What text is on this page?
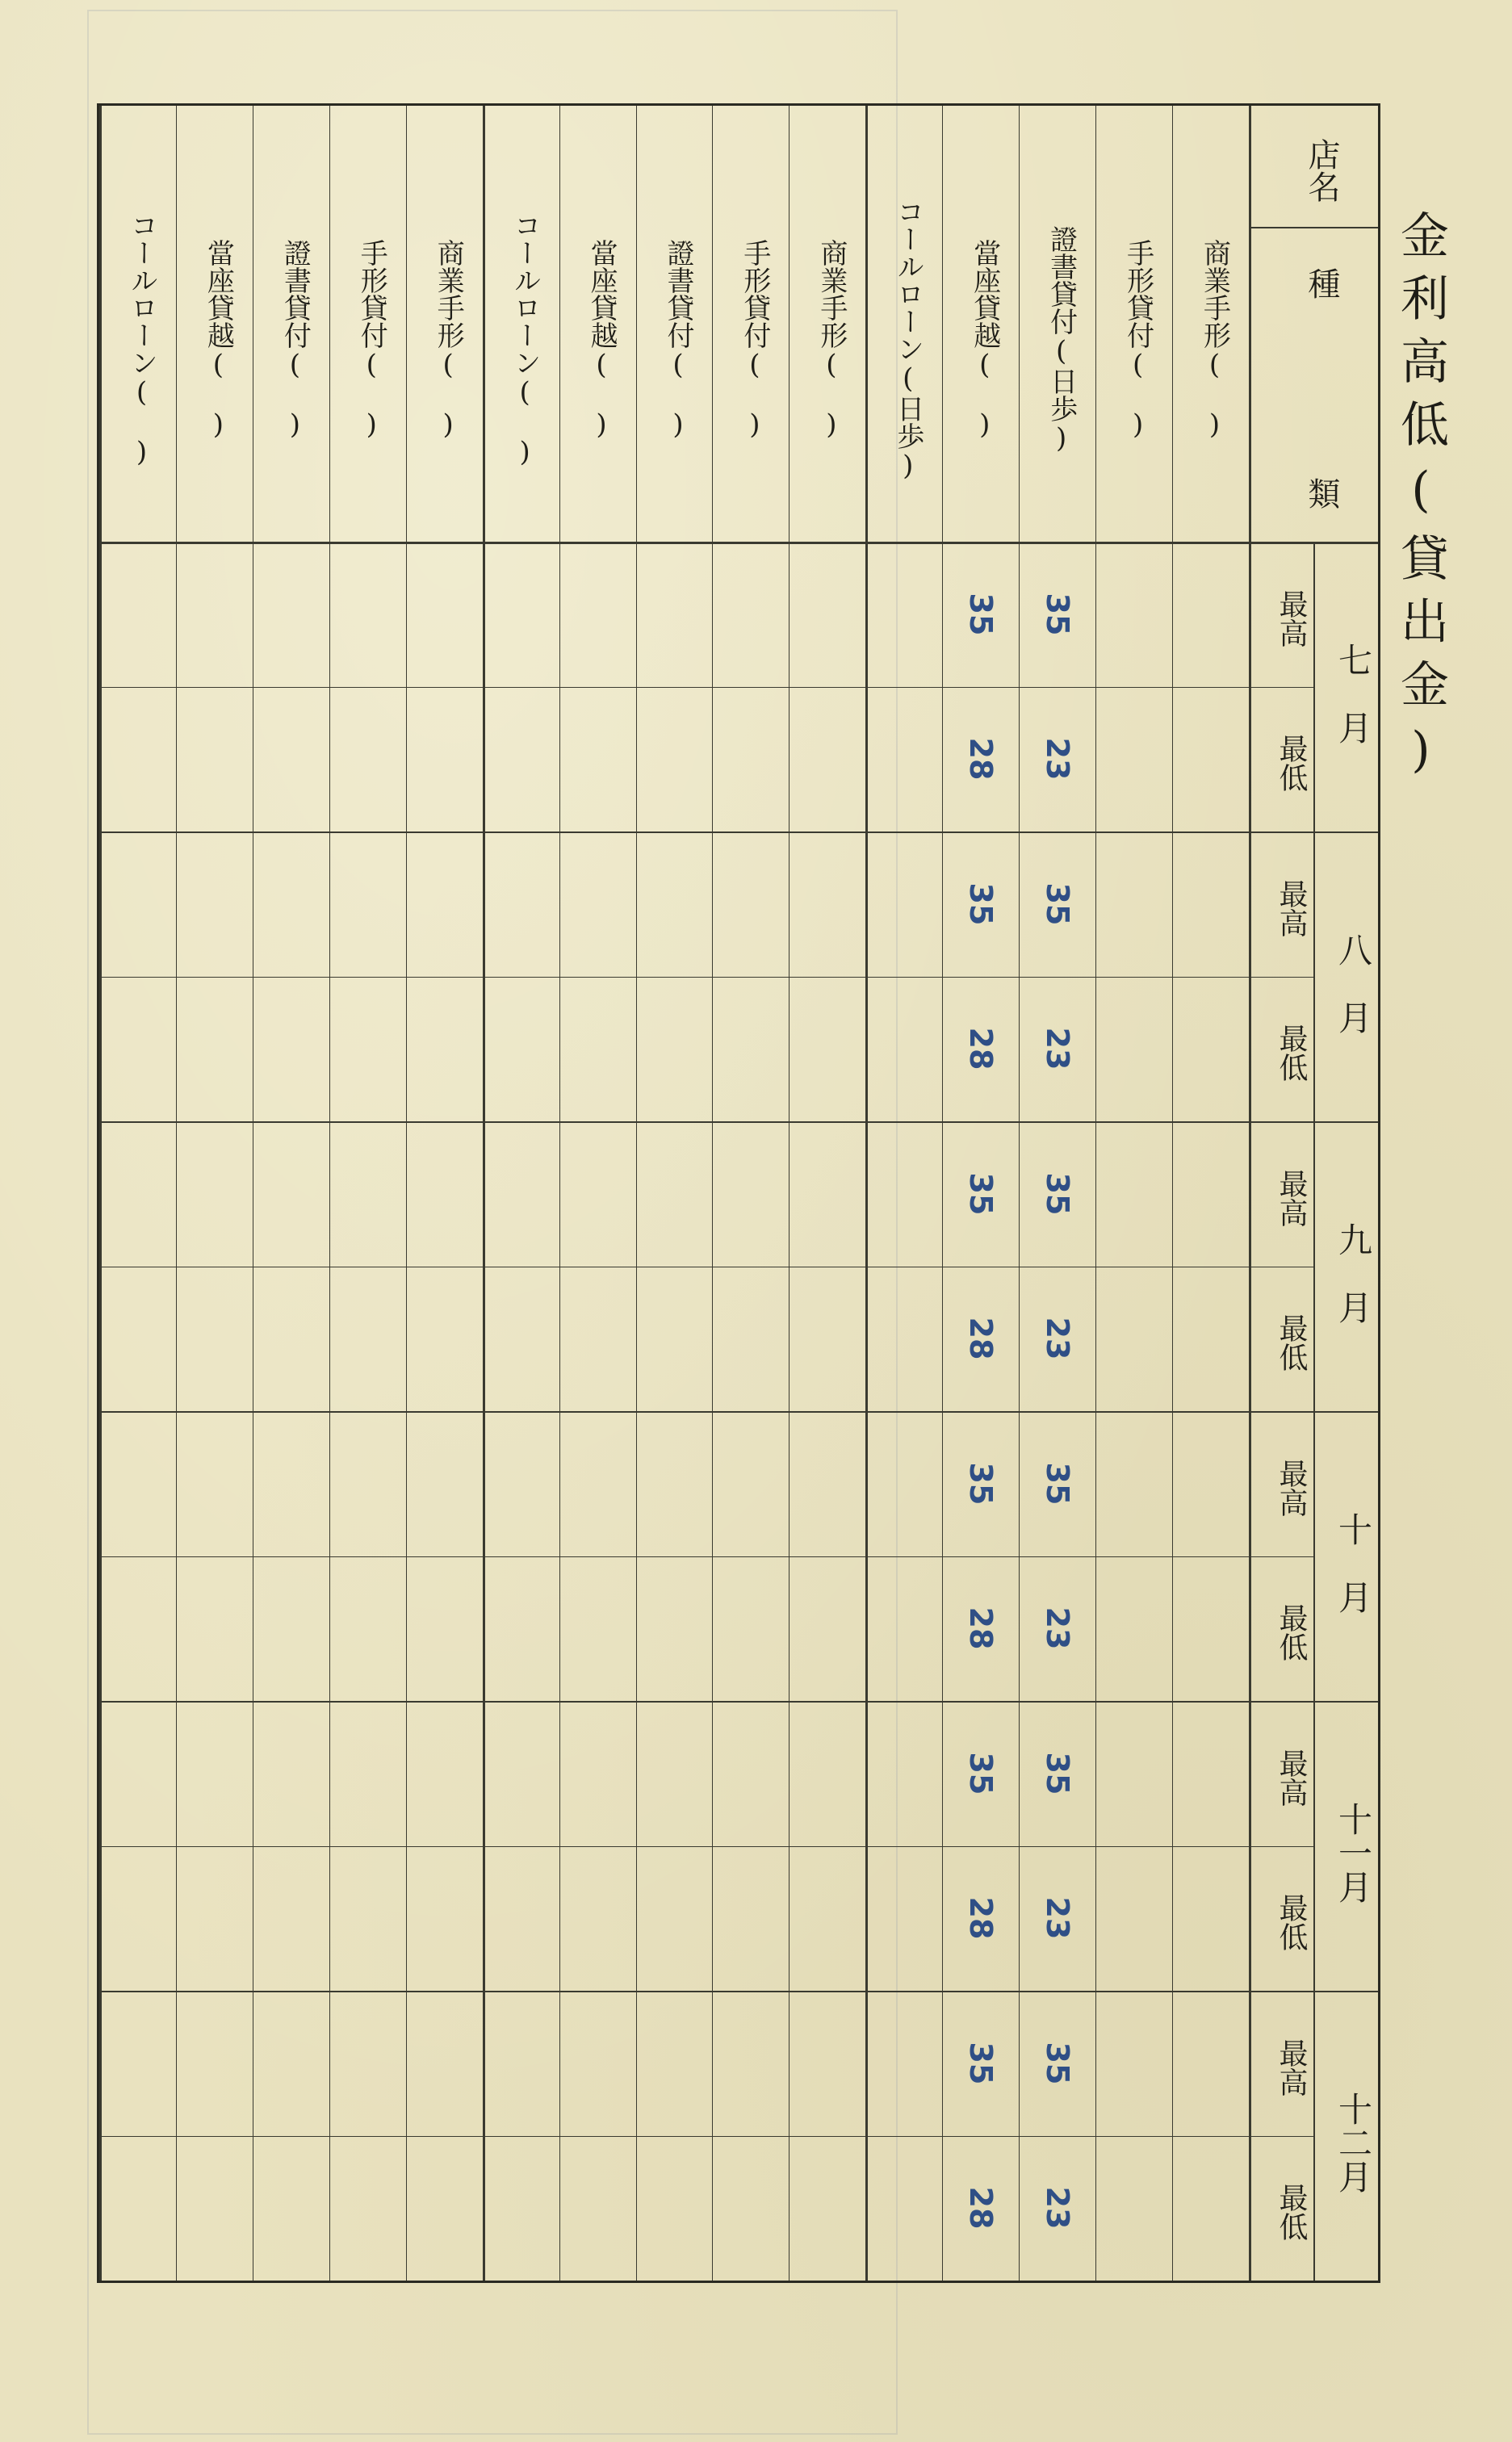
金利高低(貸出金)
店名
種
類
七　月
最高
最低
八　月
最高
最低
九　月
最高
最低
十　月
最高
最低
十一月
最高
最低
十二月
最高
最低
商業手形(　)
手形貸付(　)
證書貸付(日歩)
35
23
35
23
35
23
35
23
35
23
35
23
當座貸越(　)
35
28
35
28
35
28
35
28
35
28
35
28
コールローン(日歩)
商業手形(　)
手形貸付(　)
證書貸付(　)
當座貸越(　)
コールローン(　)
商業手形(　)
手形貸付(　)
證書貸付(　)
當座貸越(　)
コールローン(　)
